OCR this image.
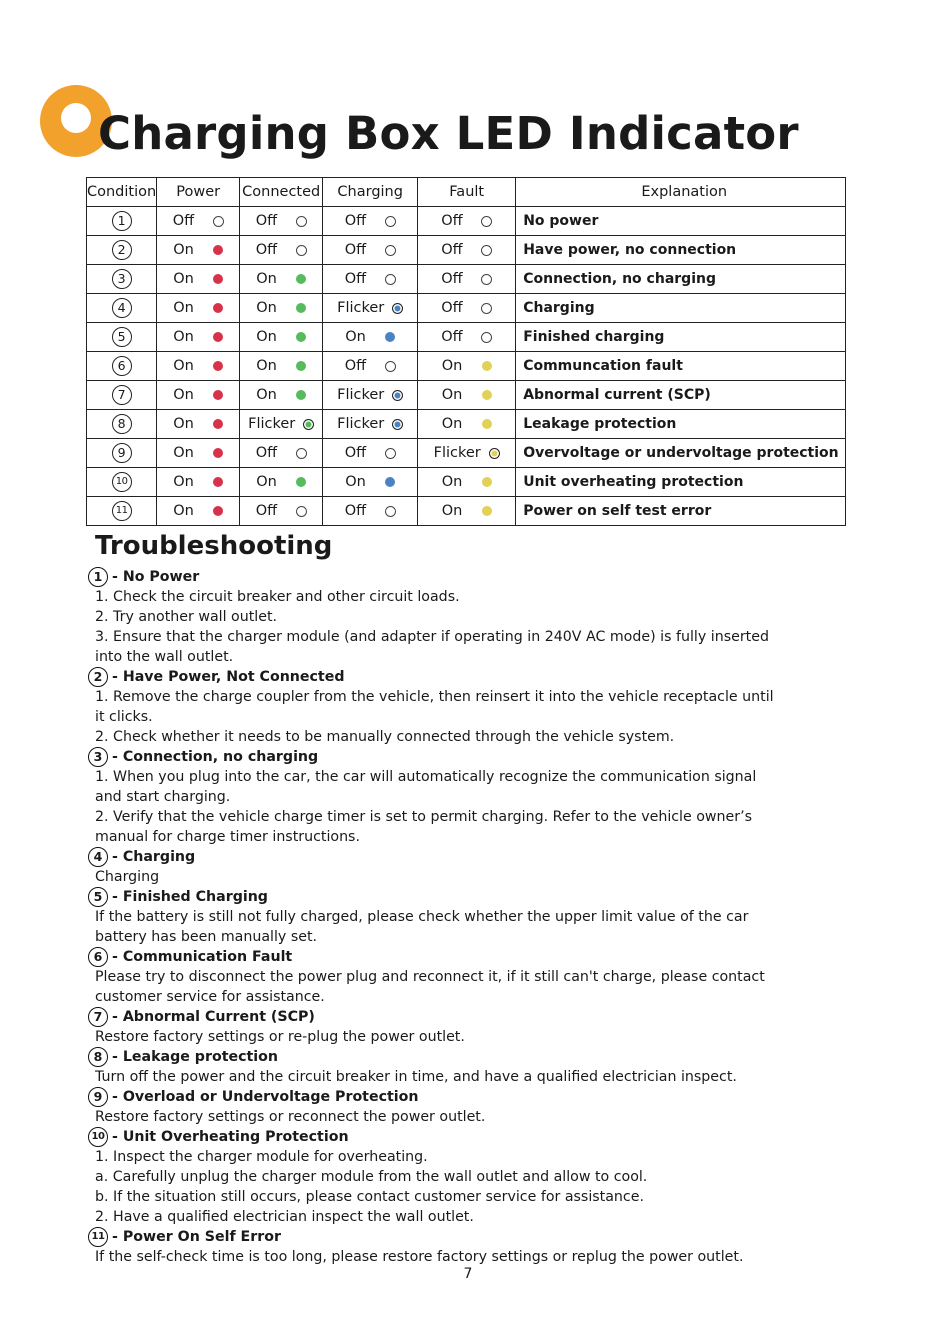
Charging Box LED Indicator
Condition	Power	Connected	Charging	Fault	Explanation
1	Off	Off	Off	Off	No power
2	On	Off	Off	Off	Have power, no connection
3	On	On	Off	Off	Connection, no charging
4	On	On	Flicker	Off	Charging
5	On	On	On	Off	Finished charging
6	On	On	Off	On	Communcation fault
7	On	On	Flicker	On	Abnormal current (SCP)
8	On	Flicker	Flicker	On	Leakage protection
9	On	Off	Off	Flicker	Overvoltage or undervoltage protection
10	On	On	On	On	Unit overheating protection
11	On	Off	Off	On	Power on self test error
Troubleshooting
1 - No Power
1. Check the circuit breaker and other circuit loads.
2. Try another wall outlet.
3. Ensure that the charger module (and adapter if operating in 240V AC mode) is fully inserted
into the wall outlet.
2 - Have Power, Not Connected
1. Remove the charge coupler from the vehicle, then reinsert it into the vehicle receptacle until
it clicks.
2. Check whether it needs to be manually connected through the vehicle system.
3 - Connection, no charging
1. When you plug into the car, the car will automatically recognize the communication signal
and start charging.
2. Verify that the vehicle charge timer is set to permit charging. Refer to the vehicle owner’s
manual for charge timer instructions.
4 - Charging
Charging
5 - Finished Charging
If the battery is still not fully charged, please check whether the upper limit value of the car
battery has been manually set.
6 - Communication Fault
Please try to disconnect the power plug and reconnect it, if it still can't charge, please contact
customer service for assistance.
7 - Abnormal Current (SCP)
Restore factory settings or re-plug the power outlet.
8 - Leakage protection
Turn off the power and the circuit breaker in time, and have a qualified electrician inspect.
9 - Overload or Undervoltage Protection
Restore factory settings or reconnect the power outlet.
10 - Unit Overheating Protection
1. Inspect the charger module for overheating.
a. Carefully unplug the charger module from the wall outlet and allow to cool.
b. If the situation still occurs, please contact customer service for assistance.
2. Have a qualified electrician inspect the wall outlet.
11 - Power On Self Error
If the self-check time is too long, please restore factory settings or replug the power outlet.
7
